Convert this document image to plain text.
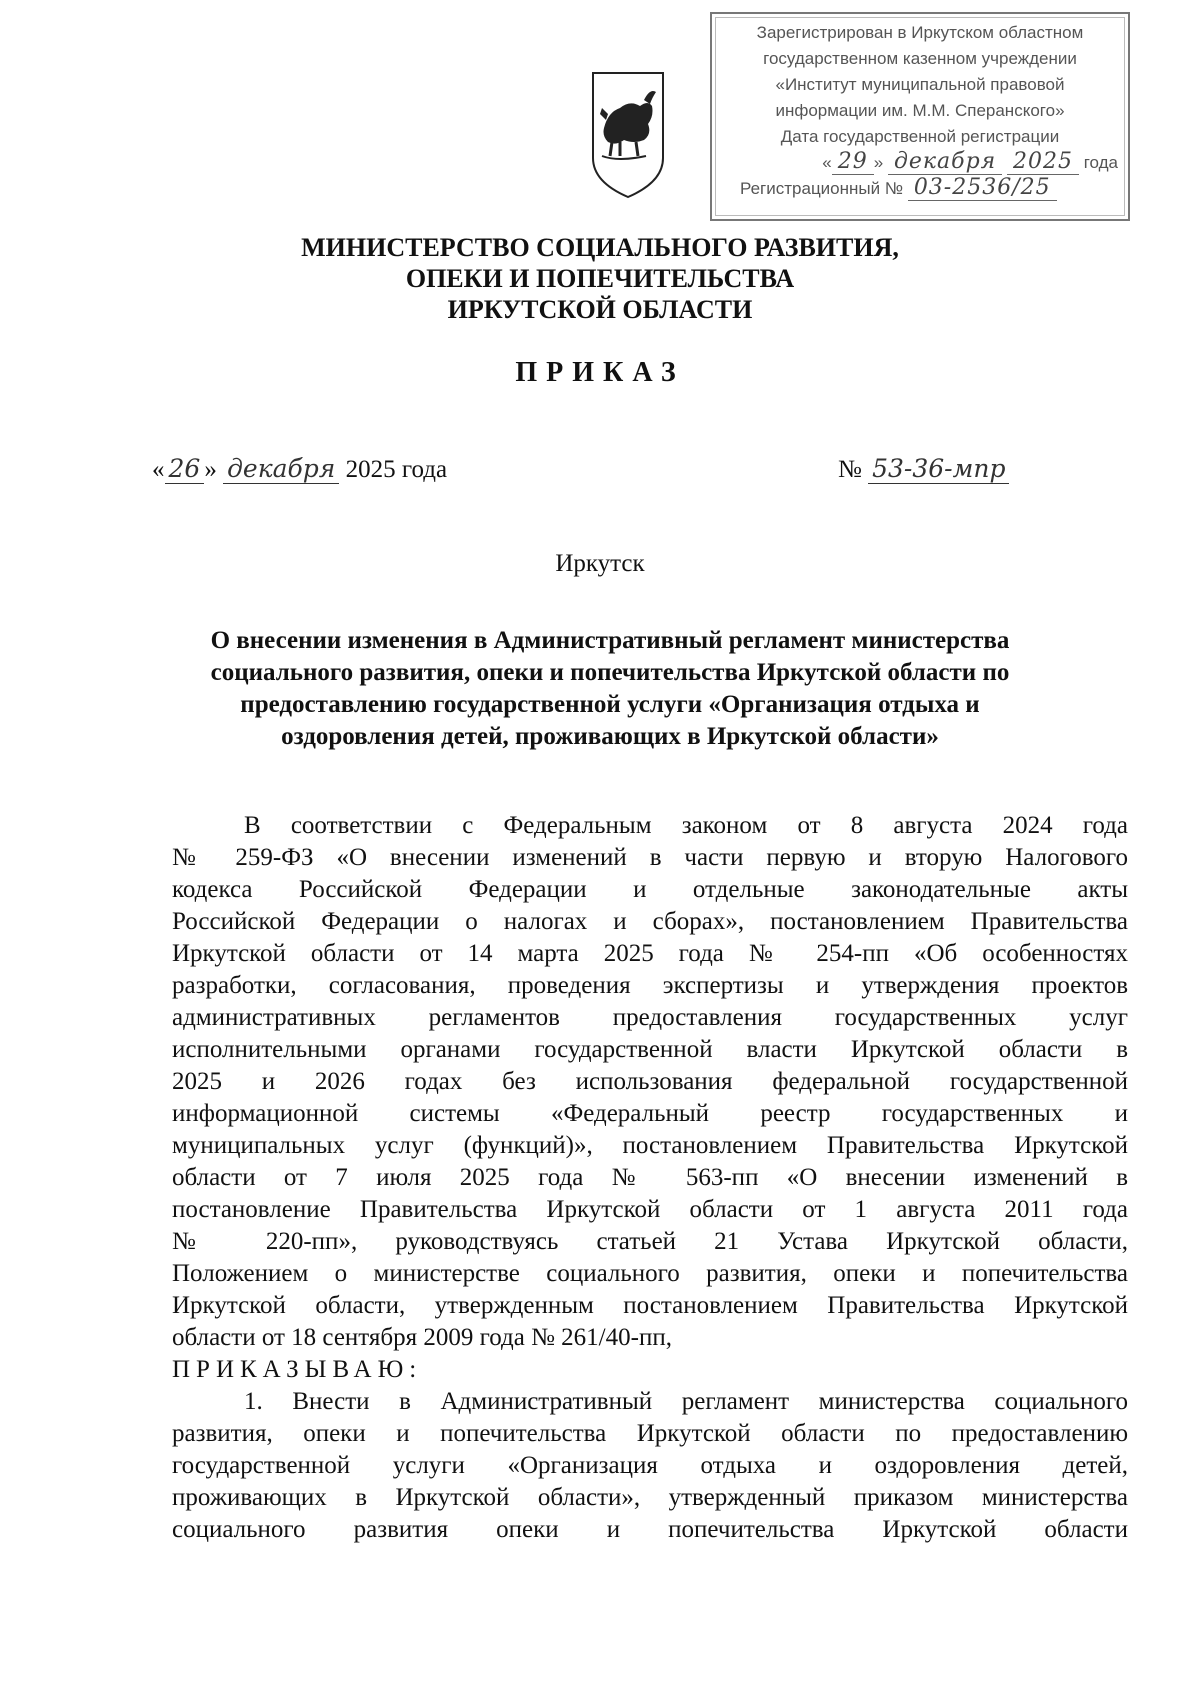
Зарегистрирован в Иркутском областном
государственном казенном учреждении
«Институт муниципальной правовой
информации им. М.М. Сперанского»
Дата государственной регистрации
« 29 » декабря 2025 года
Регистрационный № 03-2536/25
МИНИСТЕРСТВО СОЦИАЛЬНОГО РАЗВИТИЯ,
ОПЕКИ И ПОПЕЧИТЕЛЬСТВА
ИРКУТСКОЙ ОБЛАСТИ
ПРИКАЗ
« 26 » декабря 2025 года	№ 53-36-мпр
Иркутск
О внесении изменения в Административный регламент министерства
социального развития, опеки и попечительства Иркутской области по
предоставлению государственной услуги «Организация отдыха и
оздоровления детей, проживающих в Иркутской области»
В соответствии с Федеральным законом от 8 августа 2024 года
№ 259-ФЗ «О внесении изменений в части первую и вторую Налогового
кодекса Российской Федерации и отдельные законодательные акты
Российской Федерации о налогах и сборах», постановлением Правительства
Иркутской области от 14 марта 2025 года № 254-пп «Об особенностях
разработки, согласования, проведения экспертизы и утверждения проектов
административных регламентов предоставления государственных услуг
исполнительными органами государственной власти Иркутской области в
2025 и 2026 годах без использования федеральной государственной
информационной системы «Федеральный реестр государственных и
муниципальных услуг (функций)», постановлением Правительства Иркутской
области от 7 июля 2025 года № 563-пп «О внесении изменений в
постановление Правительства Иркутской области от 1 августа 2011 года
№ 220-пп», руководствуясь статьей 21 Устава Иркутской области,
Положением о министерстве социального развития, опеки и попечительства
Иркутской области, утвержденным постановлением Правительства Иркутской
области от 18 сентября 2009 года № 261/40-пп,
ПРИКАЗЫВАЮ:
1. Внести в Административный регламент министерства социального
развития, опеки и попечительства Иркутской области по предоставлению
государственной услуги «Организация отдыха и оздоровления детей,
проживающих в Иркутской области», утвержденный приказом министерства
социального развития опеки и попечительства Иркутской области
